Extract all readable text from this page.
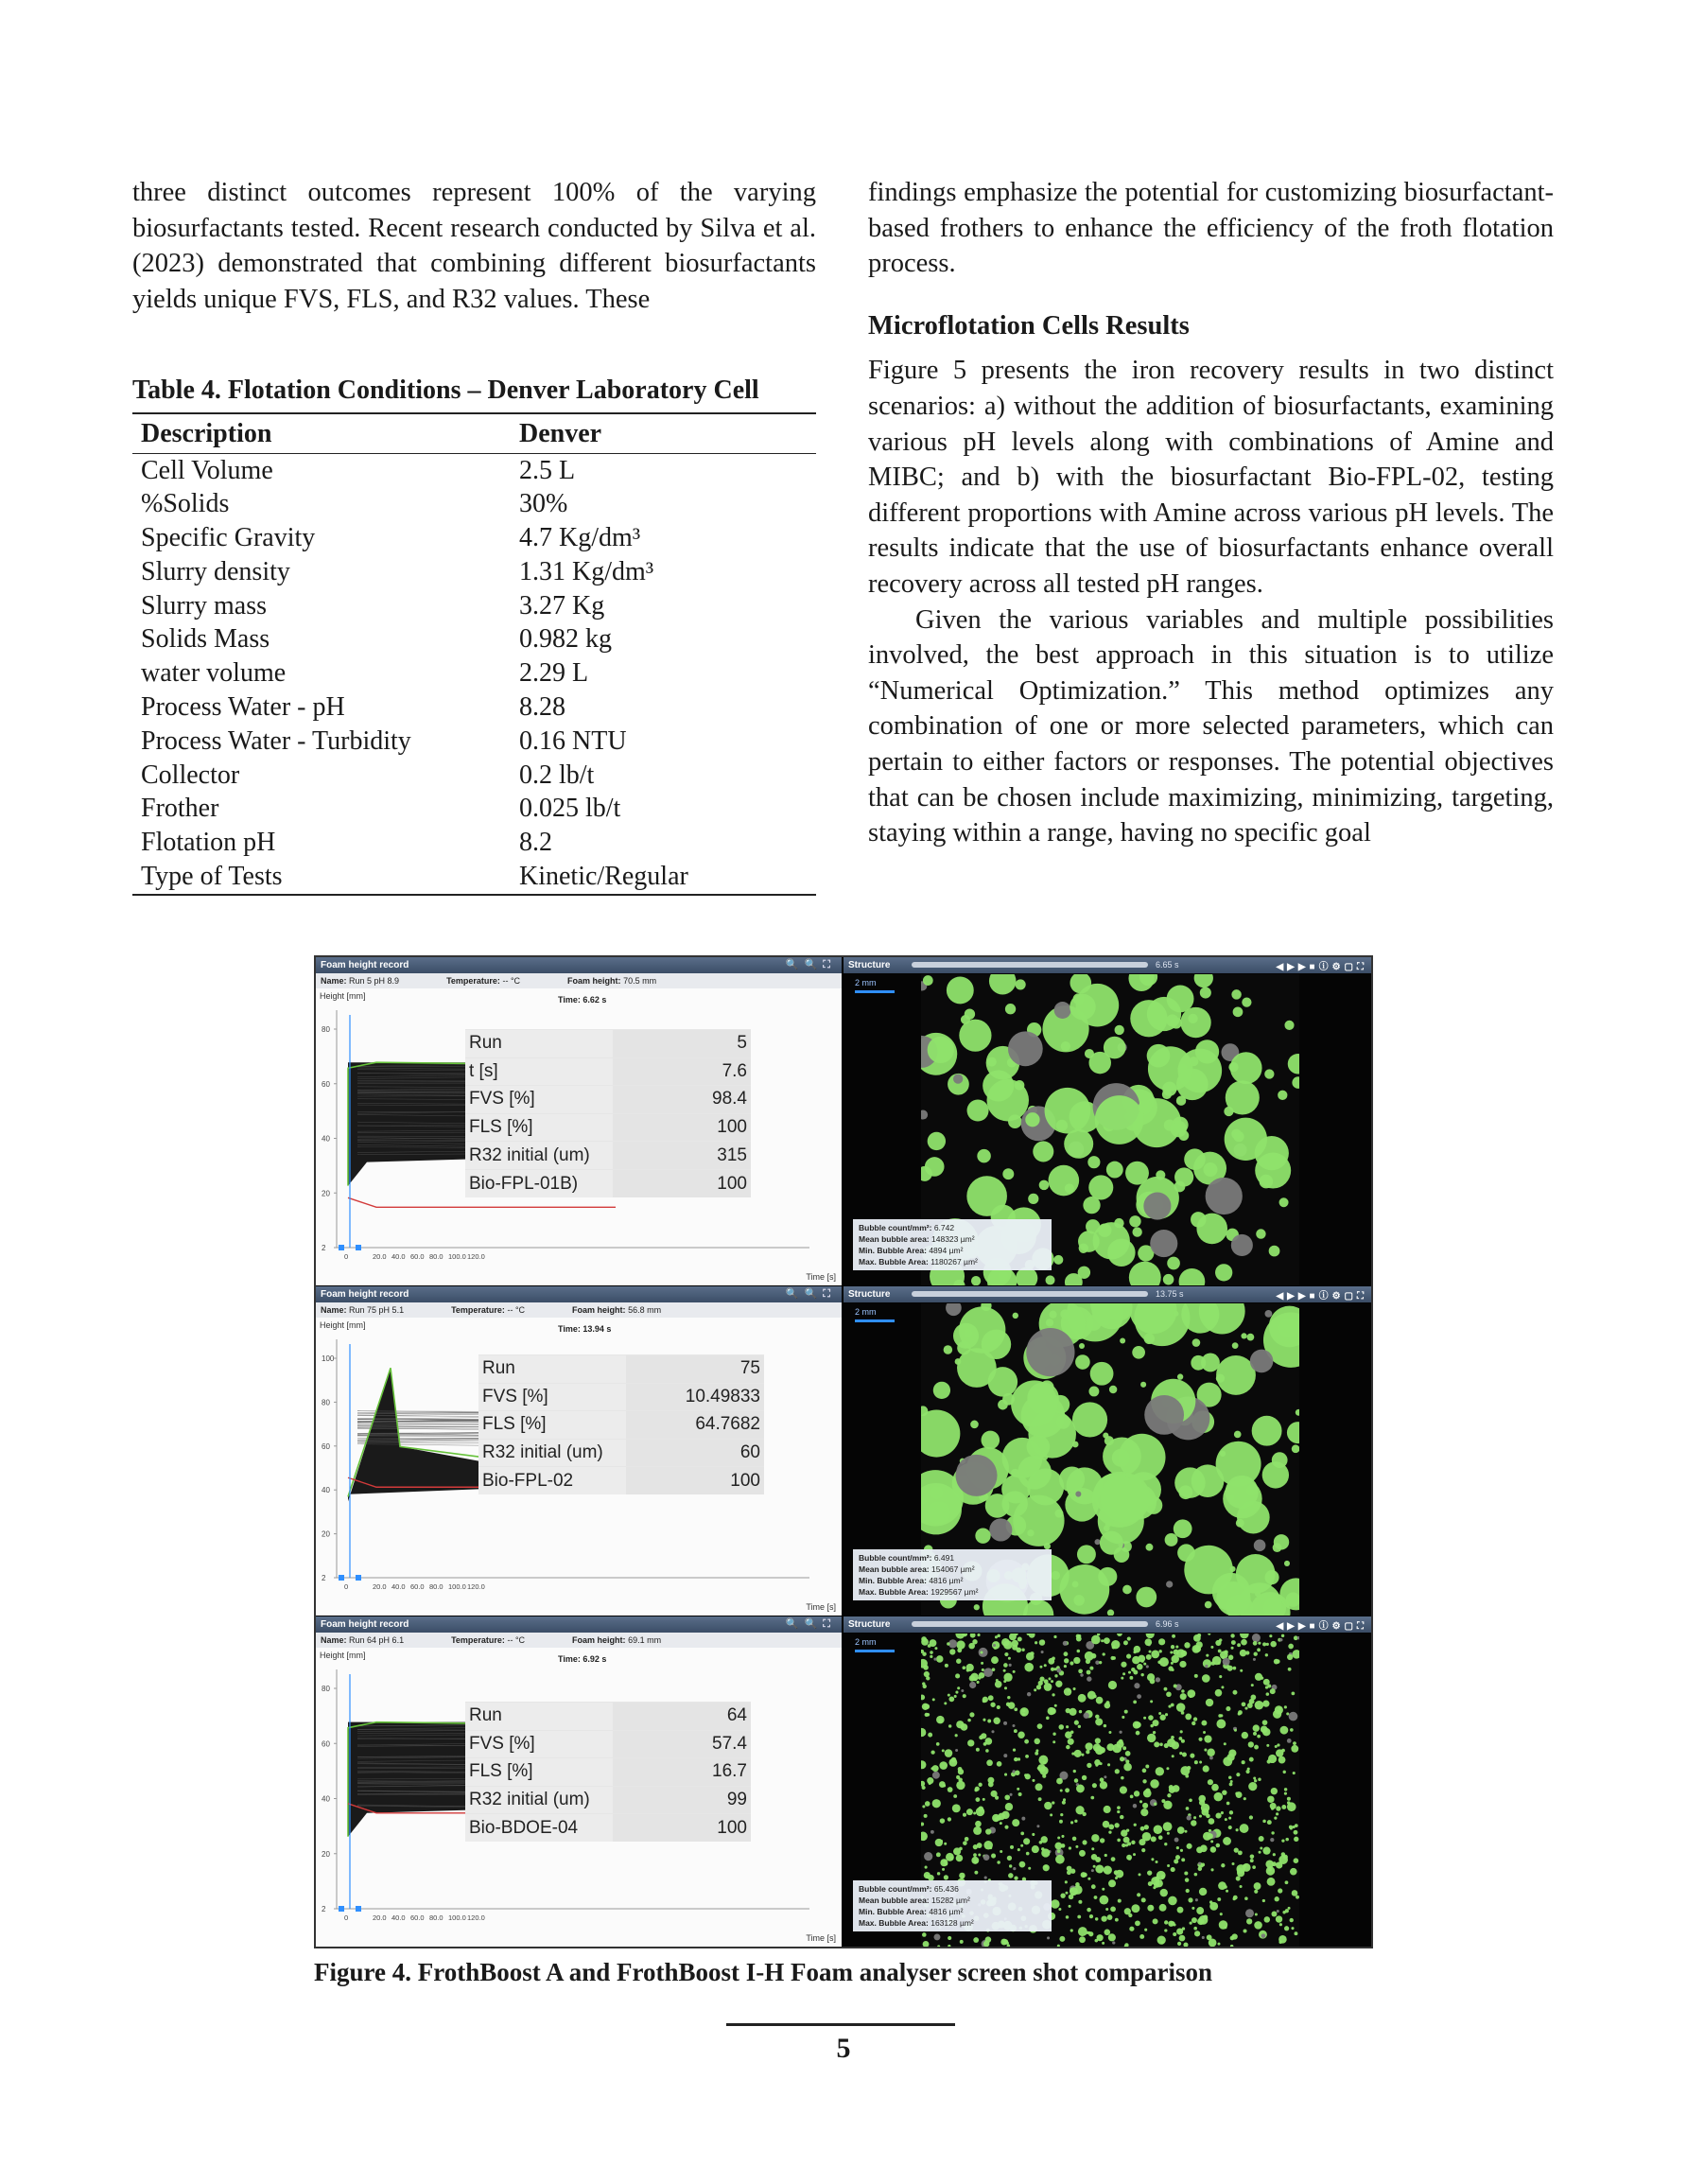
three distinct outcomes represent 100% of the varying biosurfactants tested. Recent research conducted by Silva et al. (2023) demonstrated that combining different biosurfactants yields unique FVS, FLS, and R32 values. These

Table 4. Flotation Conditions – Denver Laboratory Cell
Description	Denver
Cell Volume	2.5 L
%Solids	30%
Specific Gravity	4.7 Kg/dm³
Slurry density	1.31 Kg/dm³
Slurry mass	3.27 Kg
Solids Mass	0.982 kg
water volume	2.29 L
Process Water - pH	8.28
Process Water - Turbidity	0.16 NTU
Collector	0.2 lb/t
Frother	0.025 lb/t
Flotation pH	8.2
Type of Tests	Kinetic/Regular

findings emphasize the potential for customizing biosurfactant-based frothers to enhance the efficiency of the froth flotation process.

Microflotation Cells Results

Figure 5 presents the iron recovery results in two distinct scenarios: a) without the addition of biosurfactants, examining various pH levels along with combinations of Amine and MIBC; and b) with the biosurfactant Bio-FPL-02, testing different proportions with Amine across various pH levels. The results indicate that the use of biosurfactants enhance overall recovery across all tested pH ranges.

Given the various variables and multiple possibilities involved, the best approach in this situation is to utilize “Numerical Optimization.” This method optimizes any combination of one or more selected parameters, which can pertain to either factors or responses. The potential objectives that can be chosen include maximizing, minimizing, targeting, staying within a range, having no specific goal

Foam height record	🔍🔍⛶
Name: Run 5 pH 8.9	Temperature: -- °C	Foam height: 70.5 mm
Height [mm]	Time: 6.62 s
Time [s]
80
60
40
20
2
0	20.0 40.0 60.0 80.0 100.0 120.0
Run	5
t [s]	7.6
FVS [%]	98.4
FLS [%]	100
R32 initial (um)	315
Bio-FPL-01B)	100
Structure	6.65 s	◀▶▶■ⓘ⚙▢⛶
2 mm
Bubble count/mm²: 6.742
Mean bubble area: 148323 µm²
Min. Bubble Area: 4894 µm²
Max. Bubble Area: 1180267 µm²
Foam height record	🔍🔍⛶
Name: Run 75 pH 5.1	Temperature: -- °C	Foam height: 56.8 mm
Height [mm]	Time: 13.94 s
Time [s]
100
80
60
40
20
2
0	20.0 40.0 60.0 80.0 100.0 120.0
Run	75
FVS [%]	10.49833
FLS [%]	64.7682
R32 initial (um)	60
Bio-FPL-02	100
Structure	13.75 s	◀▶▶■ⓘ⚙▢⛶
2 mm
Bubble count/mm²: 6.491
Mean bubble area: 154067 µm²
Min. Bubble Area: 4816 µm²
Max. Bubble Area: 1929567 µm²
Foam height record	🔍🔍⛶
Name: Run 64 pH 6.1	Temperature: -- °C	Foam height: 69.1 mm
Height [mm]	Time: 6.92 s
Time [s]
80
60
40
20
2
0	20.0 40.0 60.0 80.0 100.0 120.0
Run	64
FVS [%]	57.4
FLS [%]	16.7
R32 initial (um)	99
Bio-BDOE-04	100
Structure	6.96 s	◀▶▶■ⓘ⚙▢⛶
2 mm
Bubble count/mm²: 65.436
Mean bubble area: 15282 µm²
Min. Bubble Area: 4816 µm²
Max. Bubble Area: 163128 µm²
Figure 4. FrothBoost A and FrothBoost I-H Foam analyser screen shot comparison
5
